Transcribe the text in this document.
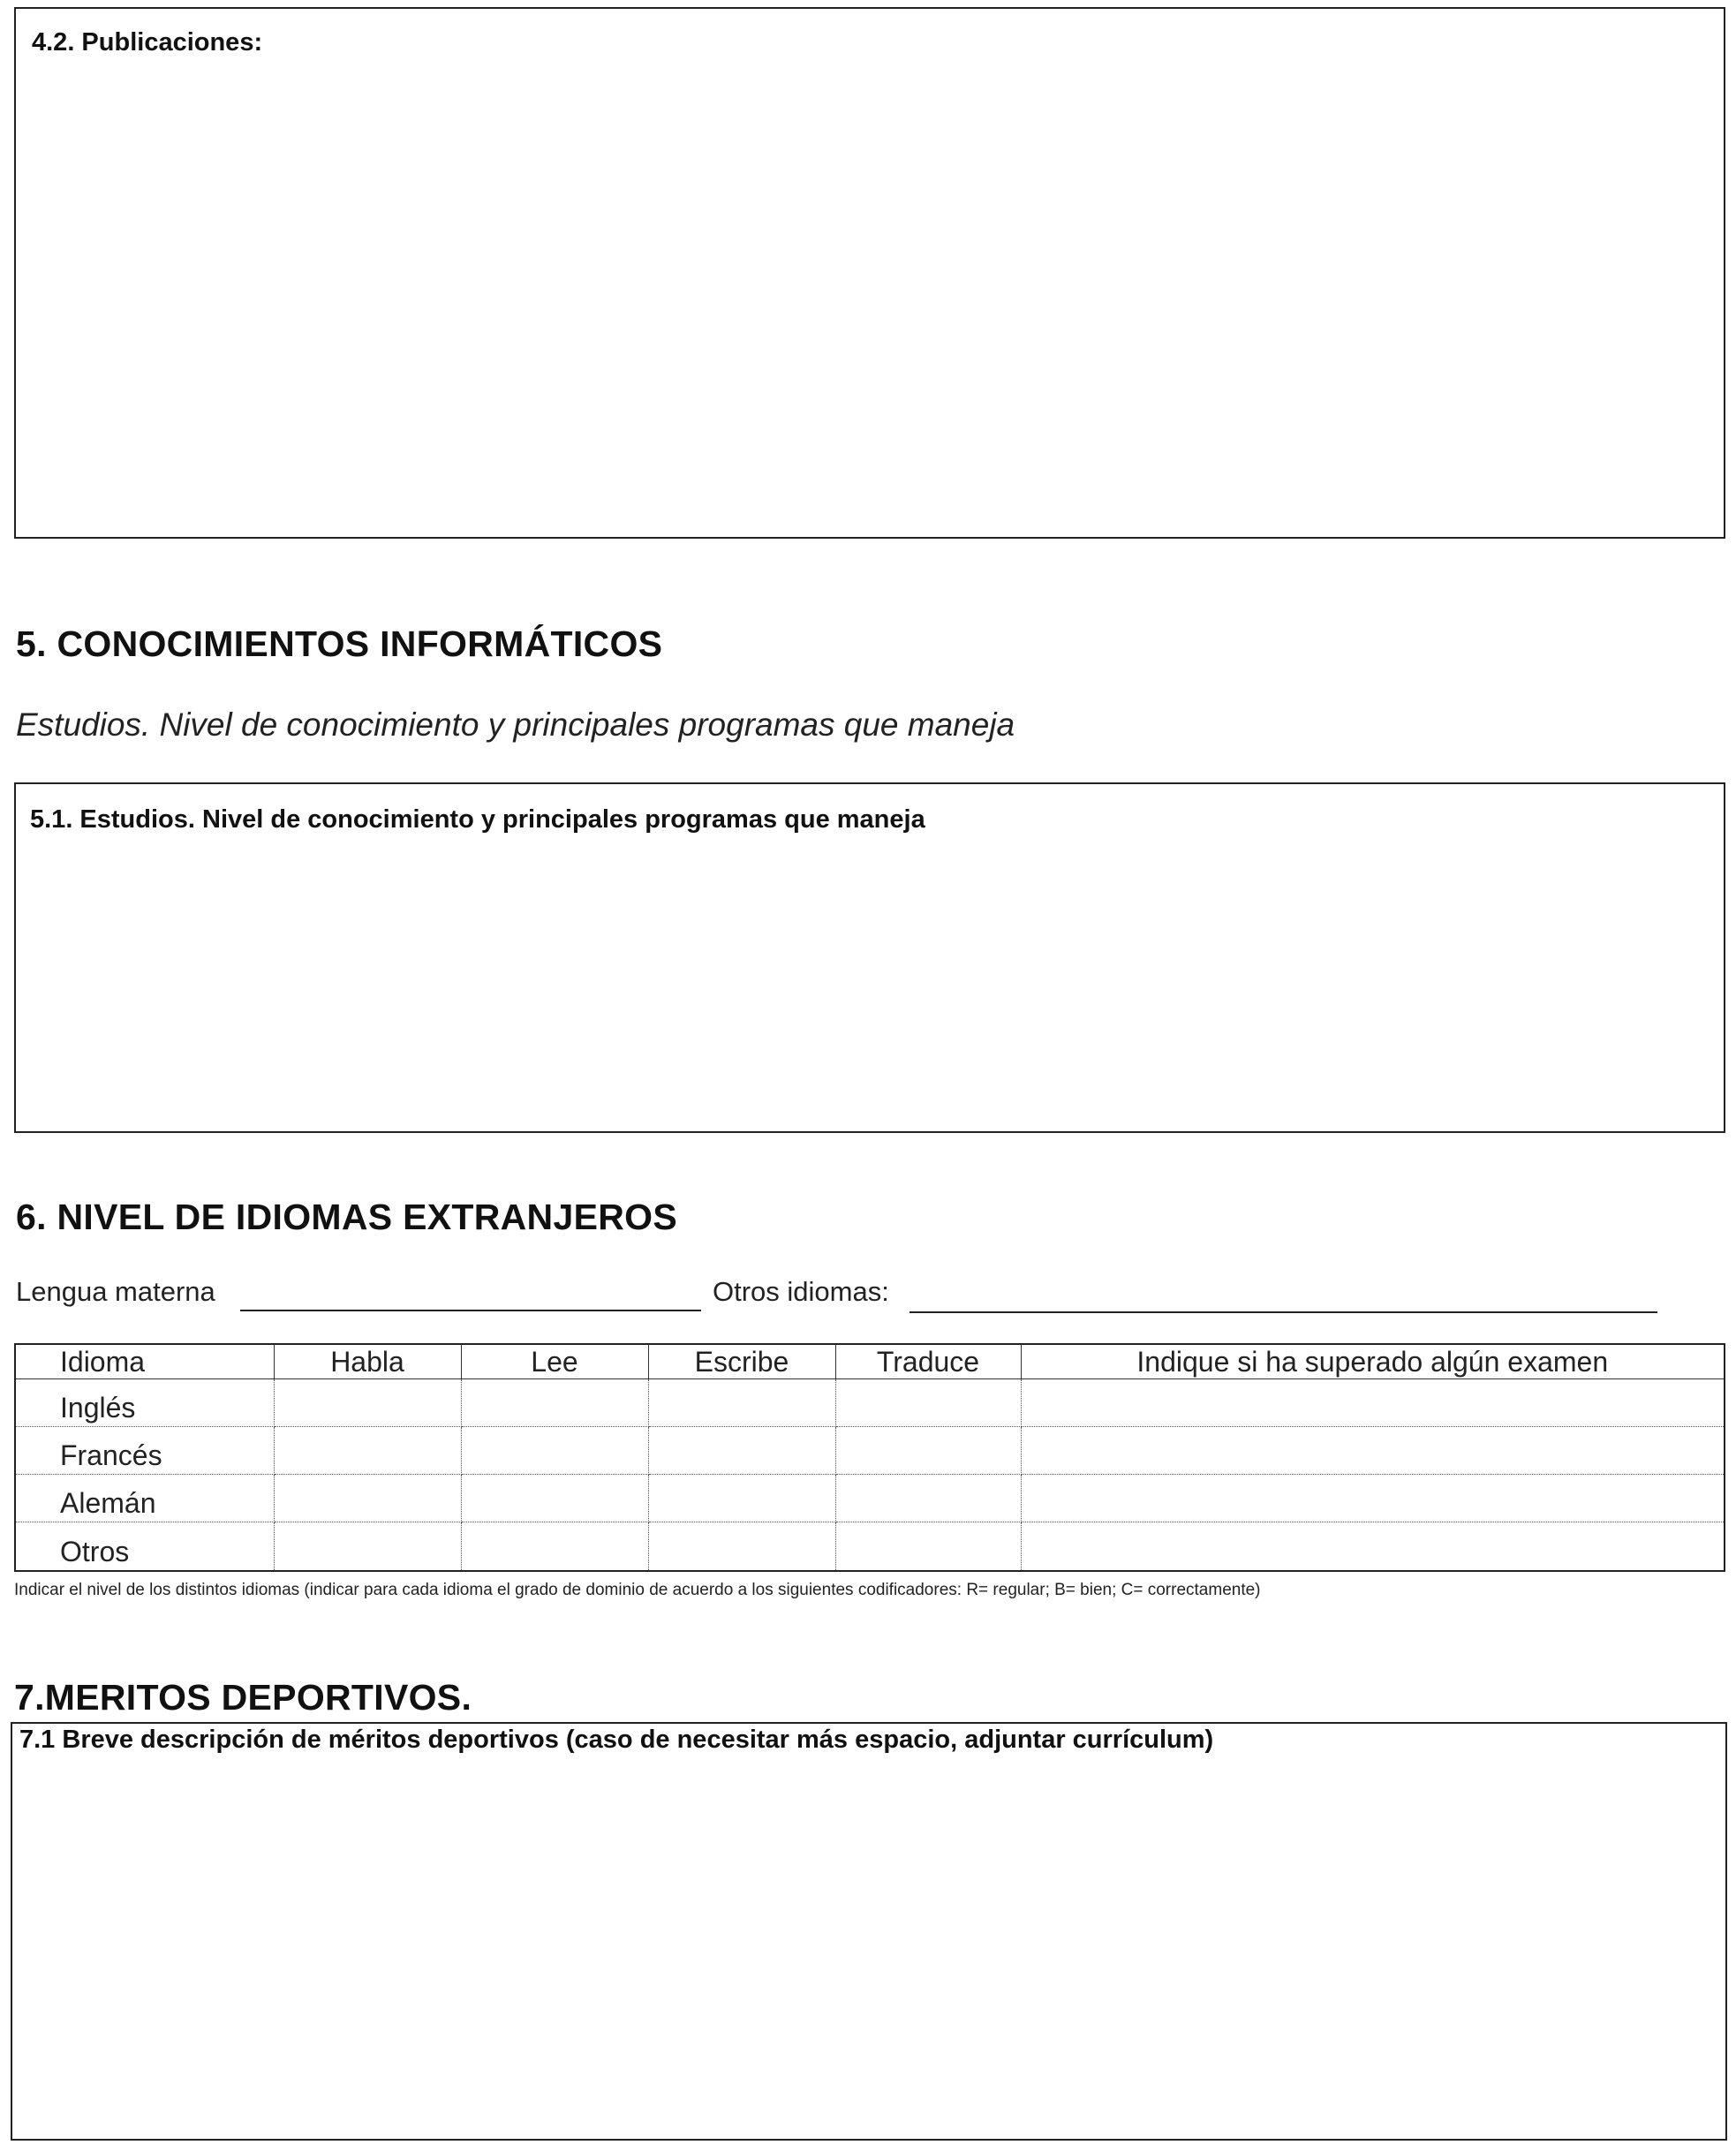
4.2. Publicaciones:
5. CONOCIMIENTOS INFORMÁTICOS
Estudios. Nivel de conocimiento y principales programas que maneja
5.1. Estudios. Nivel de conocimiento y principales programas que maneja
6. NIVEL DE IDIOMAS EXTRANJEROS
Lengua materna	Otros idiomas:
Idioma	Habla	Lee	Escribe	Traduce	Indique si ha superado algún examen
Inglés					
Francés					
Alemán					
Otros					
Indicar el nivel de los distintos idiomas (indicar para cada idioma el grado de dominio de acuerdo a los siguientes codificadores: R= regular; B= bien; C= correctamente)
7.MERITOS DEPORTIVOS.
7.1 Breve descripción de méritos deportivos (caso de necesitar más espacio, adjuntar currículum)
